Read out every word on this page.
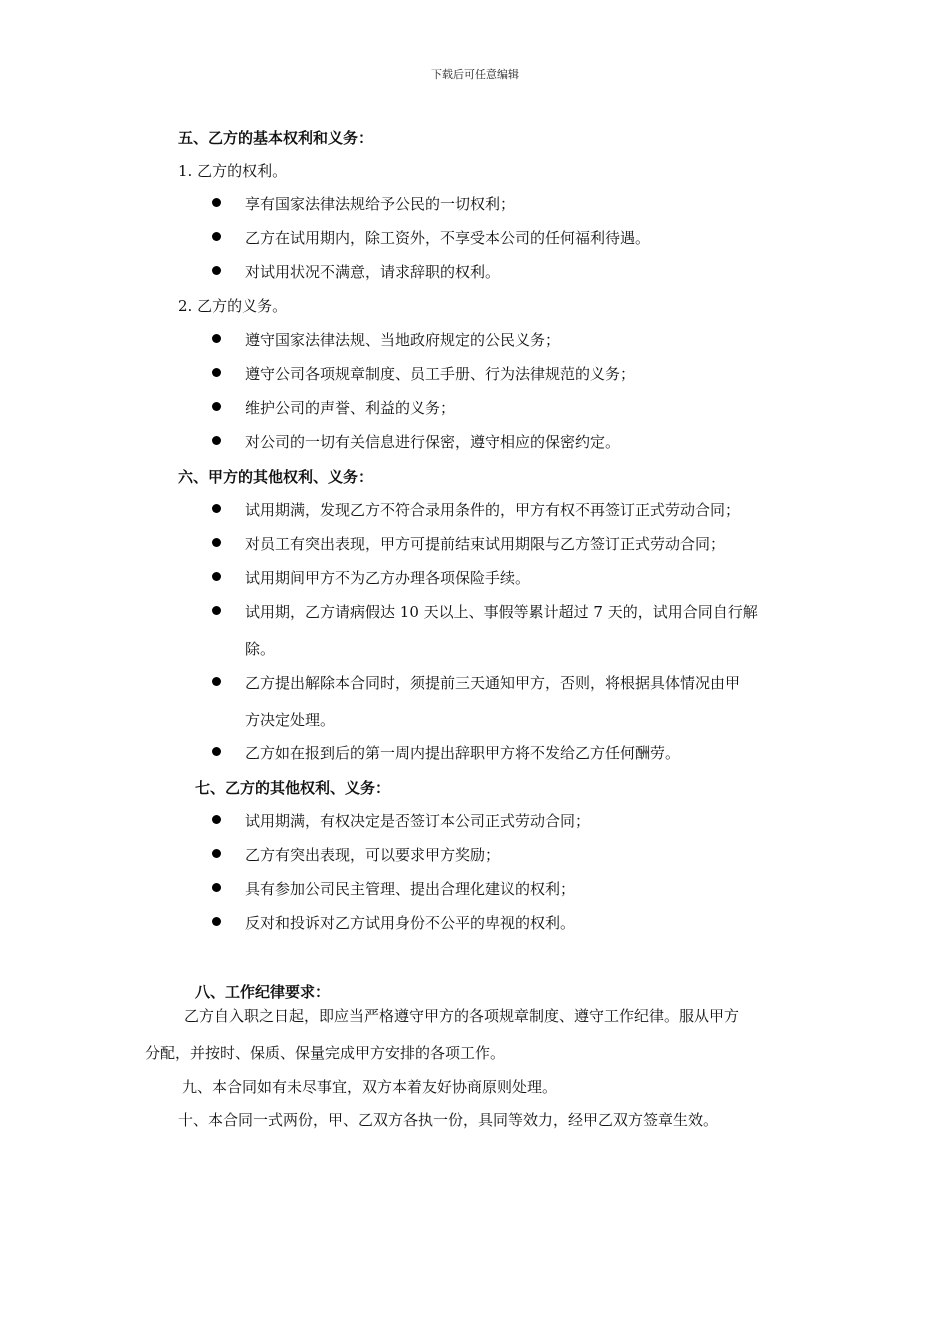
下载后可任意编辑
五、乙方的基本权利和义务：
1. 乙方的权利。
享有国家法律法规给予公民的一切权利；
乙方在试用期内，除工资外，不享受本公司的任何福利待遇。
对试用状况不满意，请求辞职的权利。
2. 乙方的义务。
遵守国家法律法规、当地政府规定的公民义务；
遵守公司各项规章制度、员工手册、行为法律规范的义务；
维护公司的声誉、利益的义务；
对公司的一切有关信息进行保密，遵守相应的保密约定。
六、甲方的其他权利、义务：
试用期满，发现乙方不符合录用条件的，甲方有权不再签订正式劳动合同；
对员工有突出表现，甲方可提前结束试用期限与乙方签订正式劳动合同；
试用期间甲方不为乙方办理各项保险手续。
试用期，乙方请病假达 10 天以上、事假等累计超过 7 天的，试用合同自行解
除。
乙方提出解除本合同时，须提前三天通知甲方，否则，将根据具体情况由甲
方决定处理。
乙方如在报到后的第一周内提出辞职甲方将不发给乙方任何酬劳。
七、乙方的其他权利、义务：
试用期满，有权决定是否签订本公司正式劳动合同；
乙方有突出表现，可以要求甲方奖励；
具有参加公司民主管理、提出合理化建议的权利；
反对和投诉对乙方试用身份不公平的卑视的权利。
八、工作纪律要求：
乙方自入职之日起，即应当严格遵守甲方的各项规章制度、遵守工作纪律。服从甲方
分配，并按时、保质、保量完成甲方安排的各项工作。
九、本合同如有未尽事宜，双方本着友好协商原则处理。
十、本合同一式两份，甲、乙双方各执一份，具同等效力，经甲乙双方签章生效。
